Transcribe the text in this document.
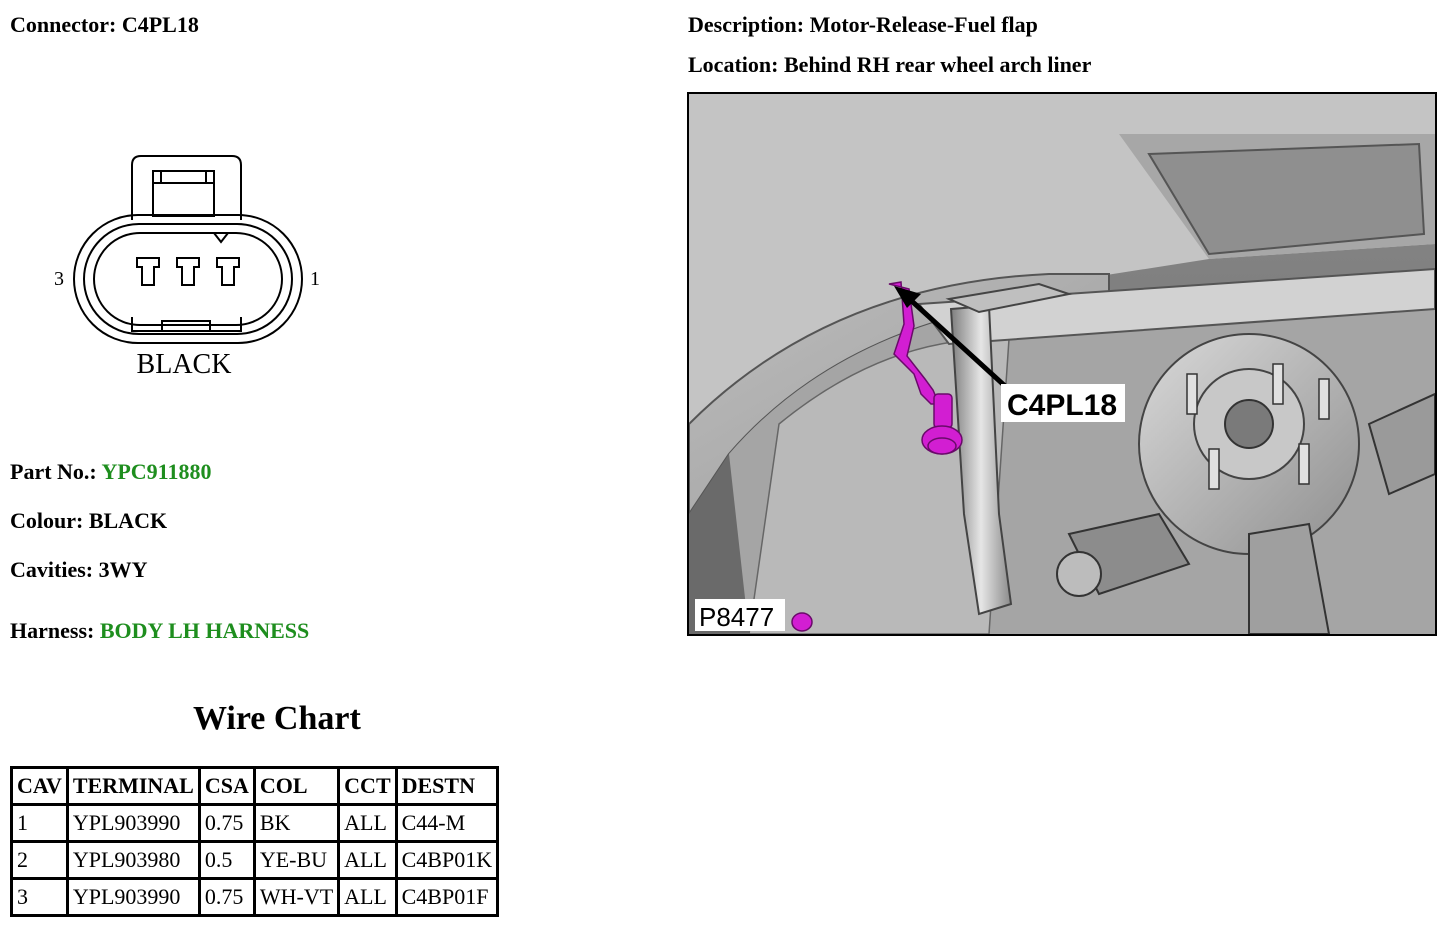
Connector: C4PL18
3	1
BLACK
Part No.: YPC911880
Colour: BLACK
Cavities: 3WY
Harness: BODY LH HARNESS
Description: Motor-Release-Fuel flap
Location: Behind RH rear wheel arch liner
C4PL18
P8477
Wire Chart
CAV	TERMINAL	CSA	COL	CCT	DESTN
1	YPL903990	0.75	BK	ALL	C44-M
2	YPL903980	0.5	YE-BU	ALL	C4BP01K
3	YPL903990	0.75	WH-VT	ALL	C4BP01F
